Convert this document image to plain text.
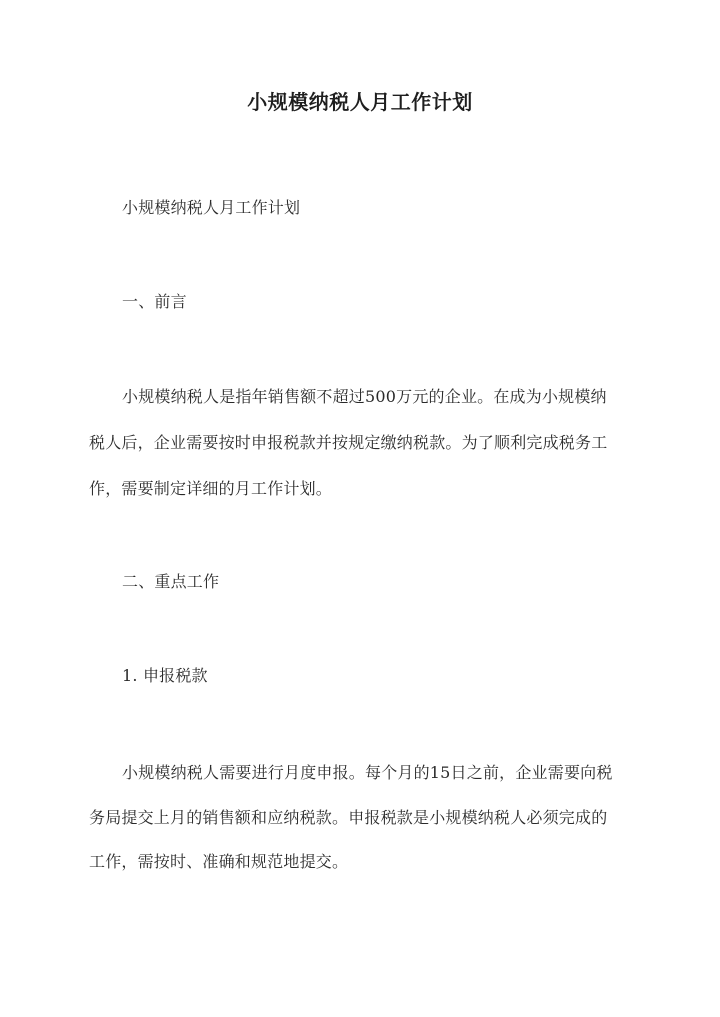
小规模纳税人月工作计划
小规模纳税人月工作计划
一、前言
小规模纳税人是指年销售额不超过500万元的企业。在成为小规模纳
税人后，企业需要按时申报税款并按规定缴纳税款。为了顺利完成税务工
作，需要制定详细的月工作计划。
二、重点工作
1. 申报税款
小规模纳税人需要进行月度申报。每个月的15日之前，企业需要向税
务局提交上月的销售额和应纳税款。申报税款是小规模纳税人必须完成的
工作，需按时、准确和规范地提交。
